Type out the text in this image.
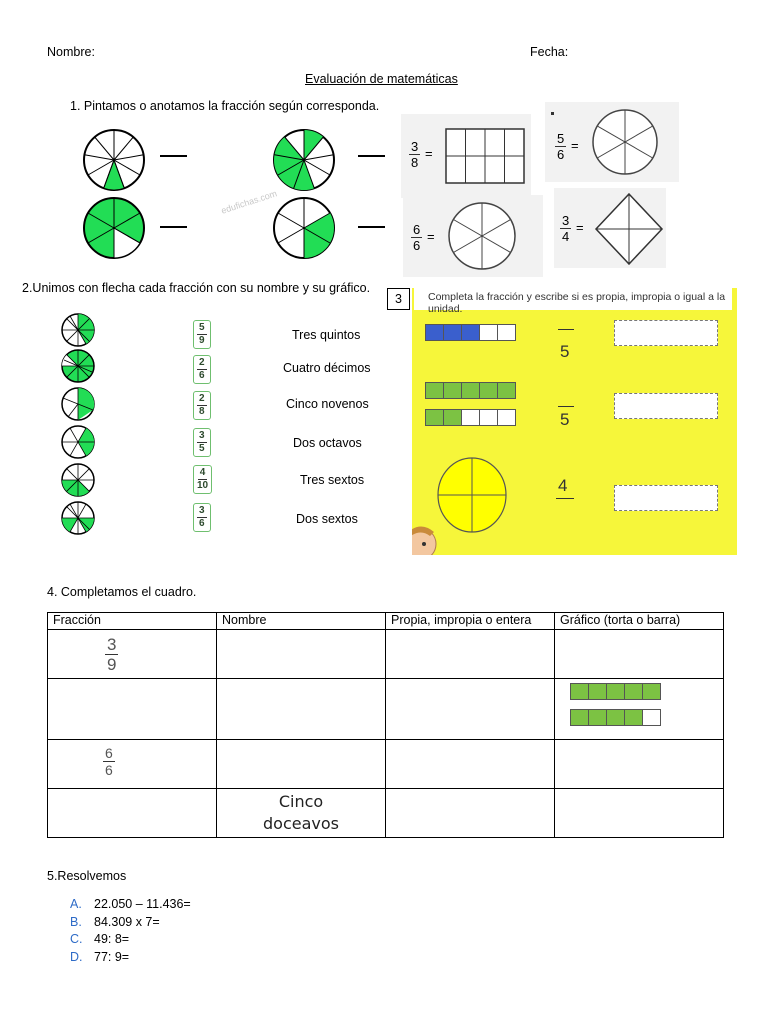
Nombre:	Fecha:
Evaluación de matemáticas
1. Pintamos o anotamos la fracción según corresponda.
edufichas.com
$\frac{3}{8}$ =	$\frac{5}{6}$ =
$\frac{6}{6}$ =	$\frac{3}{4}$ =
2.Unimos con flecha cada fracción con su nombre y su gráfico.
$\frac{5}{9}$
$\frac{2}{6}$
$\frac{2}{8}$
$\frac{3}{5}$
$\frac{4}{10}$
$\frac{3}{6}$
Tres quintos
Cuatro décimos
Cinco novenos
Dos octavos
Tres sextos
Dos sextos
Completa la fracción y escribe si es propia, impropia o igual a la unidad.
5
5
4
3
4. Completamos el cuadro.
Fracción	Nombre	Propia, impropia o entera	Gráfico (torta o barra)

$\frac{3}{9}$

$\frac{6}{6}$

	Cinco
doceavos		

5.Resolvemos
A. 22.050 – 11.436=
B. 84.309 x 7=
C. 49: 8=
D. 77: 9=
